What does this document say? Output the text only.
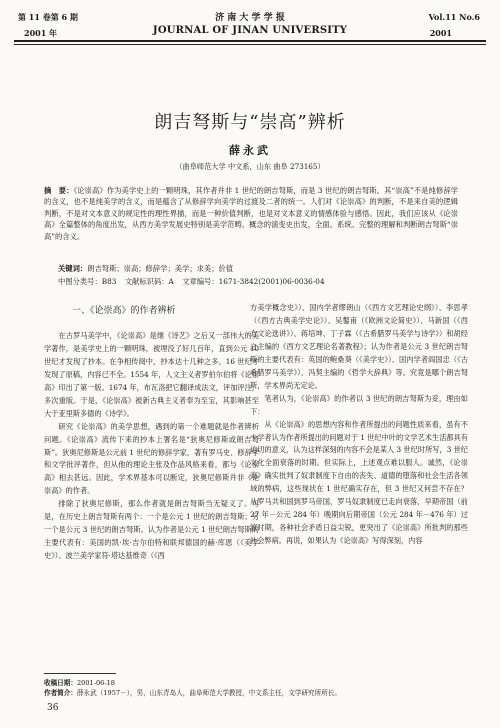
第 11 卷第 6 期
2001 年
济 南 大 学 学 报
JOURNAL OF JINAN UNIVERSITY
Vol.11 No.6
2001
朗吉弩斯与“崇高”辨析
薛永武
（曲阜师范大学 中文系，山东 曲阜 273165）
摘　要：《论崇高》作为美学史上的一颗明珠，其作者并非 1 世纪的朗吉弩斯，而是 3 世纪的朗吉弩斯。其“崇高”不是纯修辞学的含义，也不是纯美学的含义，而是蕴含了从修辞学向美学的过渡及二者的统一。人们对《论崇高》的判断，不是来自美的逻辑判断，不是对文本意义的规定性的理性界描，而是一种价值判断，也是对文本意义的情感体验与感悟。因此，我们应该从《论崇高》全篇整体的角度出发，从西方美学发展史特别是美学范畴、概念的演变史出发，全面、系统、完整的理解和判断朗吉弩斯“崇高”的含义。
关键词：朗吉弩斯；崇高；修辞学；美学；求美；价值
中图分类号：B83 文献标识码：A 文章编号：1671-3842(2001)06-0036-04
一、《论崇高》的作者辨析

在古罗马美学中，《论崇高》是继《诗艺》之后又一部伟大的美学著作，是美学史上的一颗明珠，被埋没了好几百年，直到公元 10 世纪才发现了抄本。在争相传阅中，抄本达十几种之多。16 世纪才发现了原稿，内容已不全。1554 年，人文主义者罗伯尔伯将《论崇高》印出了第一版。1674 年，布瓦洛把它翻译成法文，评加评注，多次重版。于是，《论崇高》被新古典主义者奉为至宝，其影响甚至大于亚里斯多德的《诗学》。

研究《论崇高》的美学思想，遇到的第一个难题就是作者辨析问题。《论崇高》流传下来的抄本上署名是“狄奥尼修斯或朗吉弩斯”。狄奥尼修斯是公元前 1 世纪的修辞学家，著有罗马史、修辞学和文学批评著作，但从他的理论主张及作品风格来看，都与《论崇高》相去甚远。因此，学术界基本可以断定，狄奥尼修斯并非《论崇高》的作者。

排除了狄奥尼修斯，那么作者就是朗吉弩斯当无疑义了。可是，在历史上朗吉弩斯有两个：一个是公元 1 世纪的朗吉弩斯；另一个是公元 3 世纪的朗吉弩斯。认为作者是公元 1 世纪朗吉弩斯的主要代表有：美国的凯·埃·吉尔伯特和联邦德国的赫·库恩（《美学史》）、波兰美学家符·塔达基维奇（《西

方美学概念史》）、国内学者缪朗山（《西方文艺理论史纲》）、李思孝（《西方古典美学史论》）、吴鏊甫（《欧洲文论简史》）、马新国（《西方文论选讲》）、蒋培坤、丁子霖（《古希腊罗马美学与诗学》）和胡经之主编的《西方文艺理论名著教程》；认为作者是公元 3 世纪朗吉弩斯的主要代表有：英国的鲍桑葵（《美学史》）、国内学者阎国忠（《古希腊罗马美学》）、冯契主编的《哲学大辞典》等。究竟是哪个朗吉弩斯，学术界尚无定论。

笔者认为，《论崇高》的作者以 3 世纪的朗吉弩斯为妥，理由如下：

从《论崇高》的思想内容和作者所提出的问题性质来看，虽有不少学者认为作者所提出的问题对于 1 世纪中叶的文学艺术生活都具有迫切的意义，认为这样深刻的内容不会是某人 3 世纪时所写，3 世纪文化全面衰落的时期。但实际上，上述观点难以服人。诚然，《论崇高》确实批判了奴隶制度下自由的丧失、道德的堕落和社会生活各领域的弊病，这些现状在 1 世纪确实存在，但 3 世纪又何尝不存在？从罗马共和国到罗马帝国，罗马奴隶制度已走向衰落，早期帝国（前 27 年－公元 284 年）晚期向后期帝国（公元 284 年－476 年）过渡时期，各种社会矛盾日益尖锐，更突出了《论崇高》所批判的那些社会弊病。再说，如果认为《论崇高》写得深刻，内容

收稿日期：2001-06-18
作者简介：薛永武（1957－），男，山东青岛人，曲阜师范大学教授，中文系主任，文学研究所所长。
36
